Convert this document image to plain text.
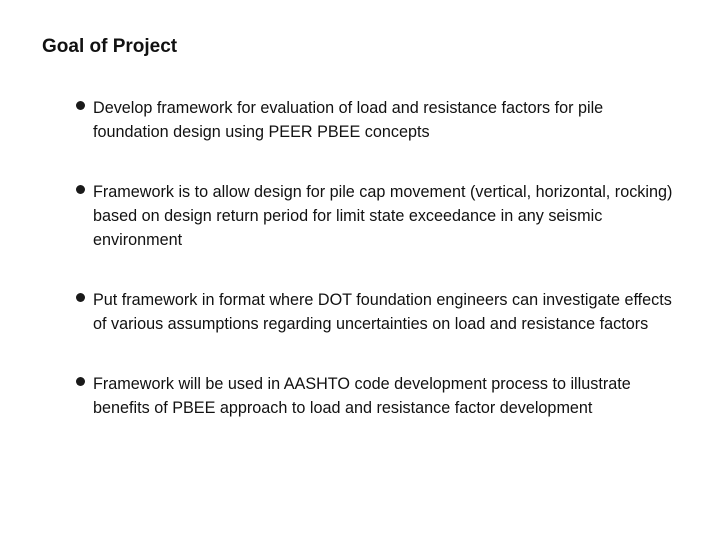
Goal of Project
Develop framework for evaluation of load and resistance factors for pile foundation design using PEER PBEE concepts
Framework is to allow design for pile cap movement (vertical, horizontal, rocking) based on design return period for limit state exceedance in any seismic environment
Put framework in format where DOT foundation engineers can investigate effects of various assumptions regarding uncertainties on load and resistance factors
Framework will be used in AASHTO code development process to illustrate benefits of PBEE approach to load and resistance factor development
